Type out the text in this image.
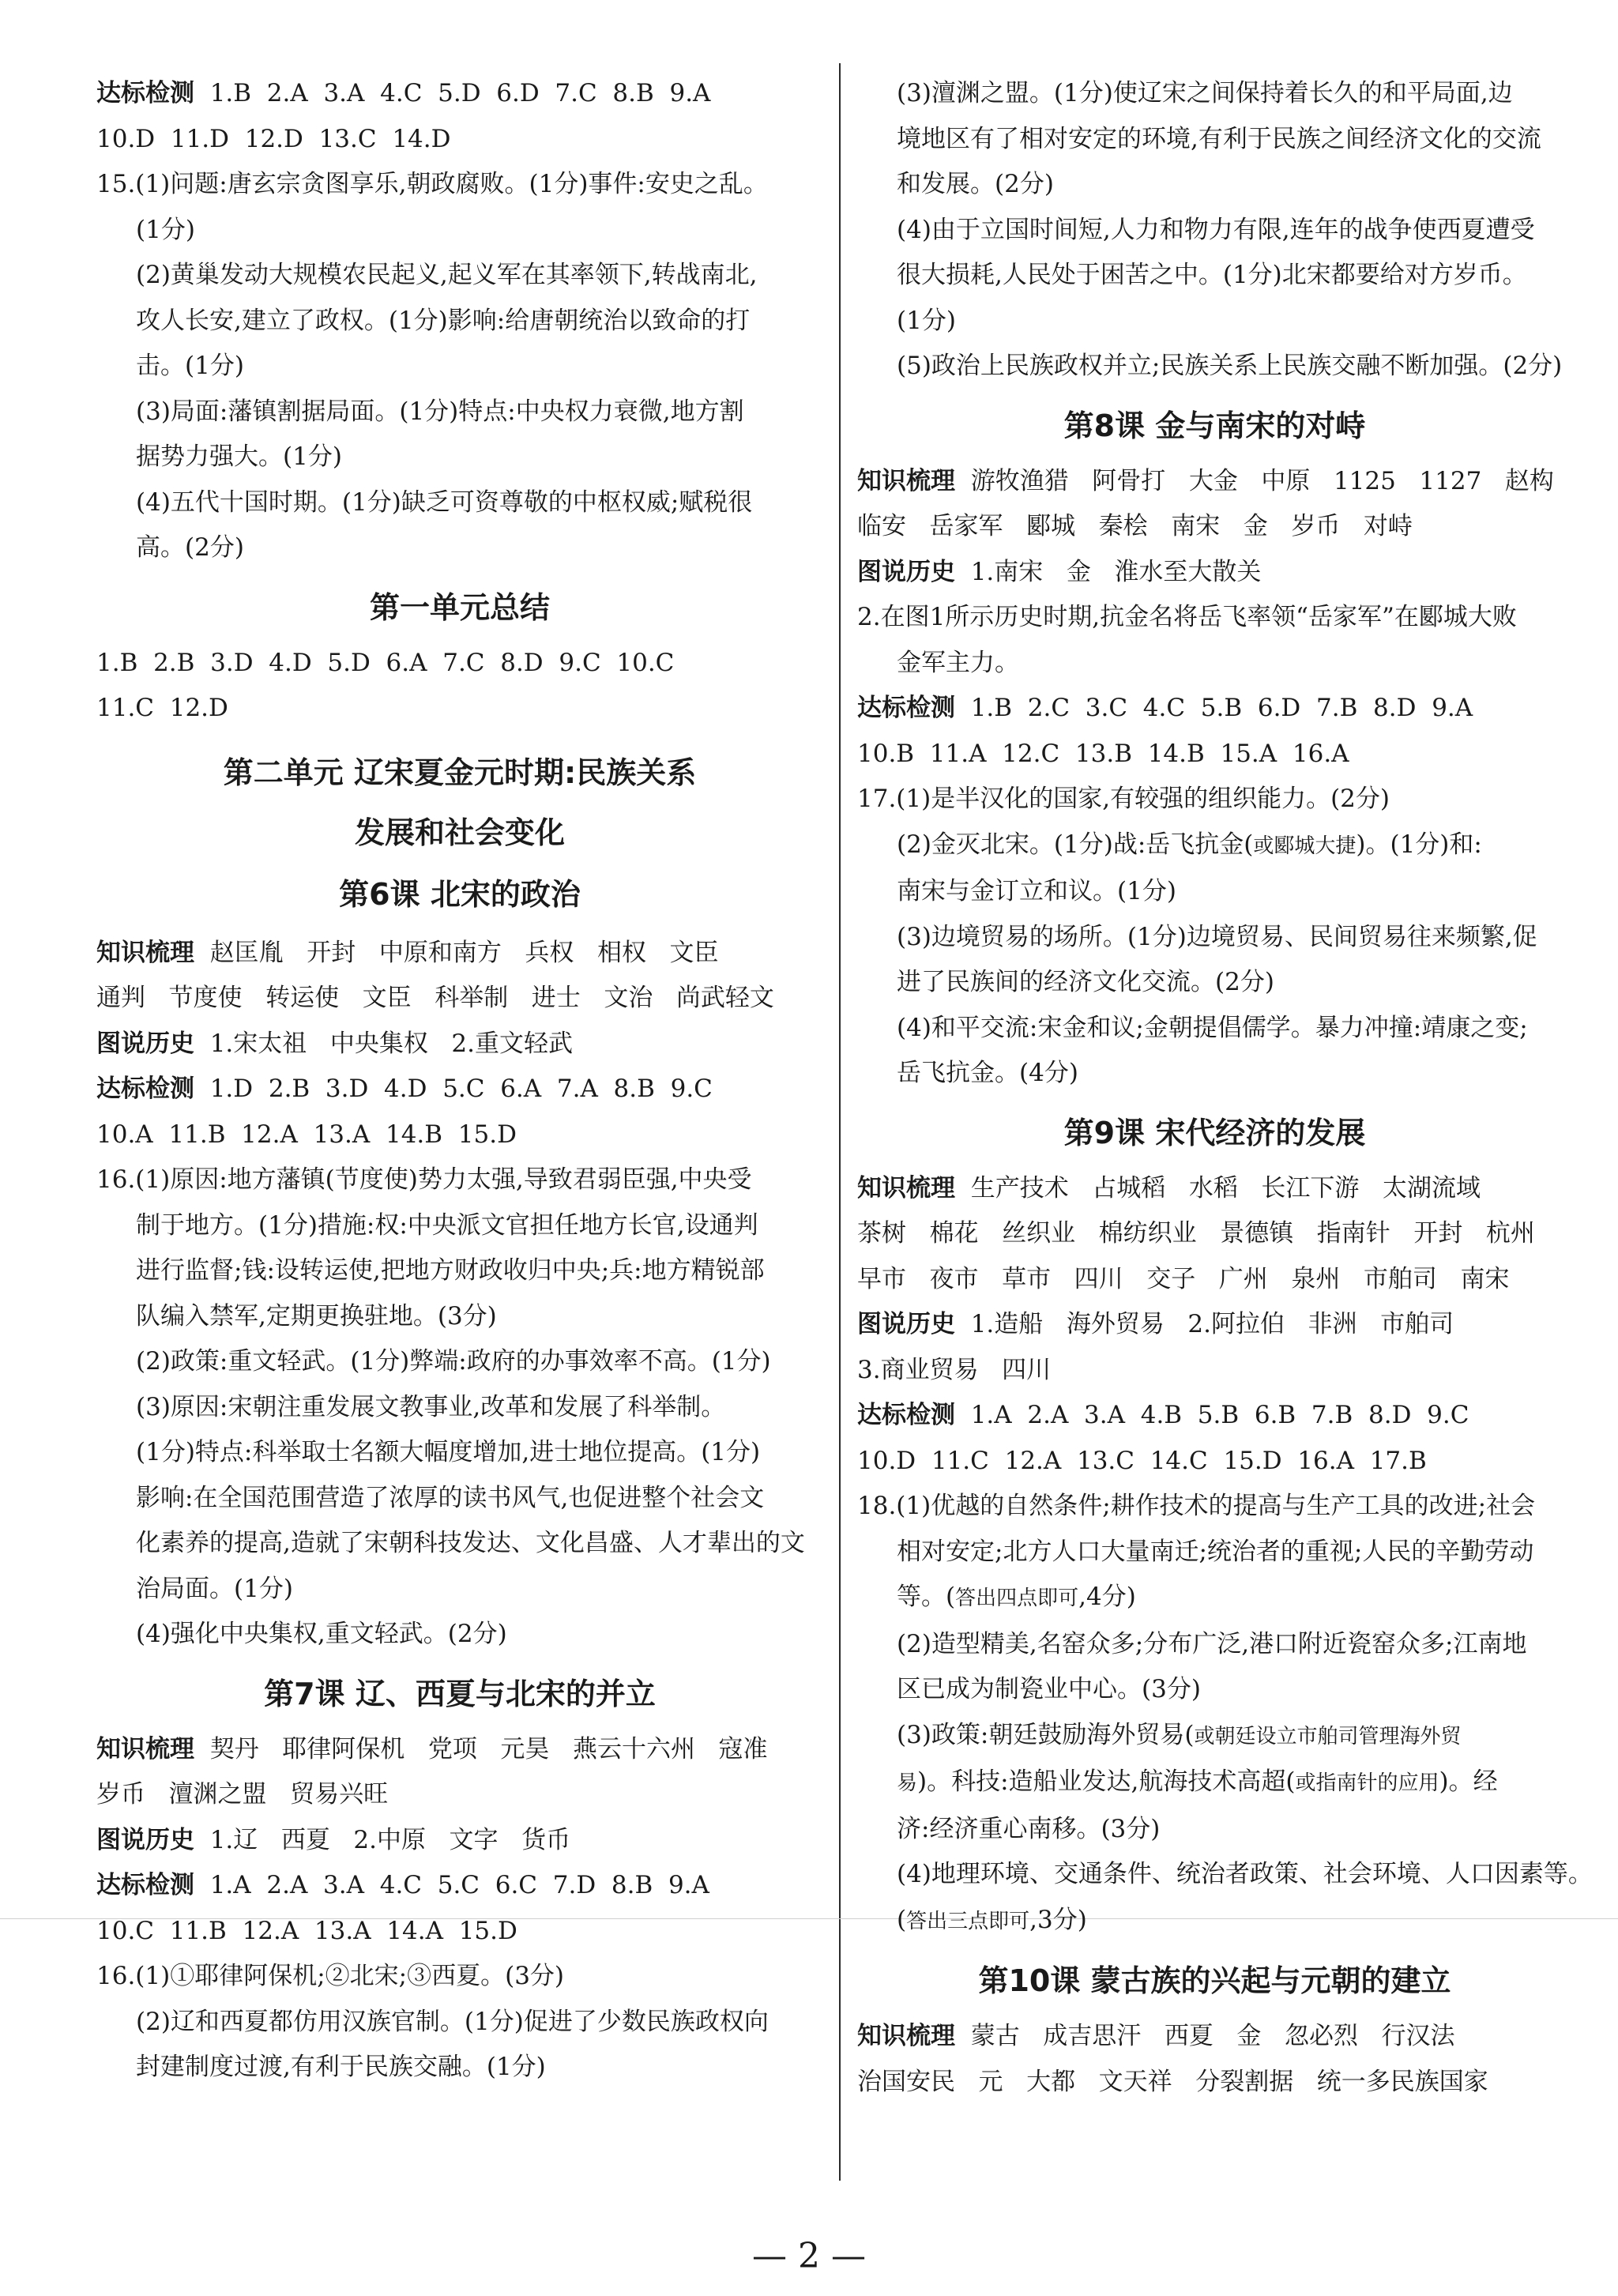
达标检测  1.B  2.A  3.A  4.C  5.D  6.D  7.C  8.B  9.A
10.D  11.D  12.D  13.C  14.D
15.(1)问题:唐玄宗贪图享乐,朝政腐败。(1分)事件:安史之乱。
(1分)
(2)黄巢发动大规模农民起义,起义军在其率领下,转战南北,
攻人长安,建立了政权。(1分)影响:给唐朝统治以致命的打
击。(1分)
(3)局面:藩镇割据局面。(1分)特点:中央权力衰微,地方割
据势力强大。(1分)
(4)五代十国时期。(1分)缺乏可资尊敬的中枢权威;赋税很
高。(2分)
第一单元总结
1.B  2.B  3.D  4.D  5.D  6.A  7.C  8.D  9.C  10.C
11.C  12.D
第二单元 辽宋夏金元时期:民族关系
发展和社会变化
第6课 北宋的政治
知识梳理  赵匡胤   开封   中原和南方   兵权   相权   文臣
通判   节度使   转运使   文臣   科举制   进士   文治   尚武轻文
图说历史  1.宋太祖   中央集权   2.重文轻武
达标检测  1.D  2.B  3.D  4.D  5.C  6.A  7.A  8.B  9.C
10.A  11.B  12.A  13.A  14.B  15.D
16.(1)原因:地方藩镇(节度使)势力太强,导致君弱臣强,中央受
制于地方。(1分)措施:权:中央派文官担任地方长官,设通判
进行监督;钱:设转运使,把地方财政收归中央;兵:地方精锐部
队编入禁军,定期更换驻地。(3分)
(2)政策:重文轻武。(1分)弊端:政府的办事效率不高。(1分)
(3)原因:宋朝注重发展文教事业,改革和发展了科举制。
(1分)特点:科举取士名额大幅度增加,进士地位提高。(1分)
影响:在全国范围营造了浓厚的读书风气,也促进整个社会文
化素养的提高,造就了宋朝科技发达、文化昌盛、人才辈出的文
治局面。(1分)
(4)强化中央集权,重文轻武。(2分)
第7课 辽、西夏与北宋的并立
知识梳理  契丹   耶律阿保机   党项   元昊   燕云十六州   寇准
岁币   澶渊之盟   贸易兴旺
图说历史  1.辽   西夏   2.中原   文字   货币
达标检测  1.A  2.A  3.A  4.C  5.C  6.C  7.D  8.B  9.A
10.C  11.B  12.A  13.A  14.A  15.D
16.(1)①耶律阿保机;②北宋;③西夏。(3分)
(2)辽和西夏都仿用汉族官制。(1分)促进了少数民族政权向
封建制度过渡,有利于民族交融。(1分)
(3)澶渊之盟。(1分)使辽宋之间保持着长久的和平局面,边
境地区有了相对安定的环境,有利于民族之间经济文化的交流
和发展。(2分)
(4)由于立国时间短,人力和物力有限,连年的战争使西夏遭受
很大损耗,人民处于困苦之中。(1分)北宋都要给对方岁币。
(1分)
(5)政治上民族政权并立;民族关系上民族交融不断加强。(2分)
第8课 金与南宋的对峙
知识梳理  游牧渔猎   阿骨打   大金   中原   1125   1127   赵构
临安   岳家军   郾城   秦桧   南宋   金   岁币   对峙
图说历史  1.南宋   金   淮水至大散关
2.在图1所示历史时期,抗金名将岳飞率领“岳家军”在郾城大败
金军主力。
达标检测  1.B  2.C  3.C  4.C  5.B  6.D  7.B  8.D  9.A
10.B  11.A  12.C  13.B  14.B  15.A  16.A
17.(1)是半汉化的国家,有较强的组织能力。(2分)
(2)金灭北宋。(1分)战:岳飞抗金(或郾城大捷)。(1分)和:
南宋与金订立和议。(1分)
(3)边境贸易的场所。(1分)边境贸易、民间贸易往来频繁,促
进了民族间的经济文化交流。(2分)
(4)和平交流:宋金和议;金朝提倡儒学。暴力冲撞:靖康之变;
岳飞抗金。(4分)
第9课 宋代经济的发展
知识梳理  生产技术   占城稻   水稻   长江下游   太湖流域
茶树   棉花   丝织业   棉纺织业   景德镇   指南针   开封   杭州
早市   夜市   草市   四川   交子   广州   泉州   市舶司   南宋
图说历史  1.造船   海外贸易   2.阿拉伯   非洲   市舶司
3.商业贸易   四川
达标检测  1.A  2.A  3.A  4.B  5.B  6.B  7.B  8.D  9.C
10.D  11.C  12.A  13.C  14.C  15.D  16.A  17.B
18.(1)优越的自然条件;耕作技术的提高与生产工具的改进;社会
相对安定;北方人口大量南迁;统治者的重视;人民的辛勤劳动
等。(答出四点即可,4分)
(2)造型精美,名窑众多;分布广泛,港口附近瓷窑众多;江南地
区已成为制瓷业中心。(3分)
(3)政策:朝廷鼓励海外贸易(或朝廷设立市舶司管理海外贸
易)。科技:造船业发达,航海技术高超(或指南针的应用)。经
济:经济重心南移。(3分)
(4)地理环境、交通条件、统治者政策、社会环境、人口因素等。
(答出三点即可,3分)
第10课 蒙古族的兴起与元朝的建立
知识梳理  蒙古   成吉思汗   西夏   金   忽必烈   行汉法
治国安民   元   大都   文天祥   分裂割据   统一多民族国家
— 2 —
